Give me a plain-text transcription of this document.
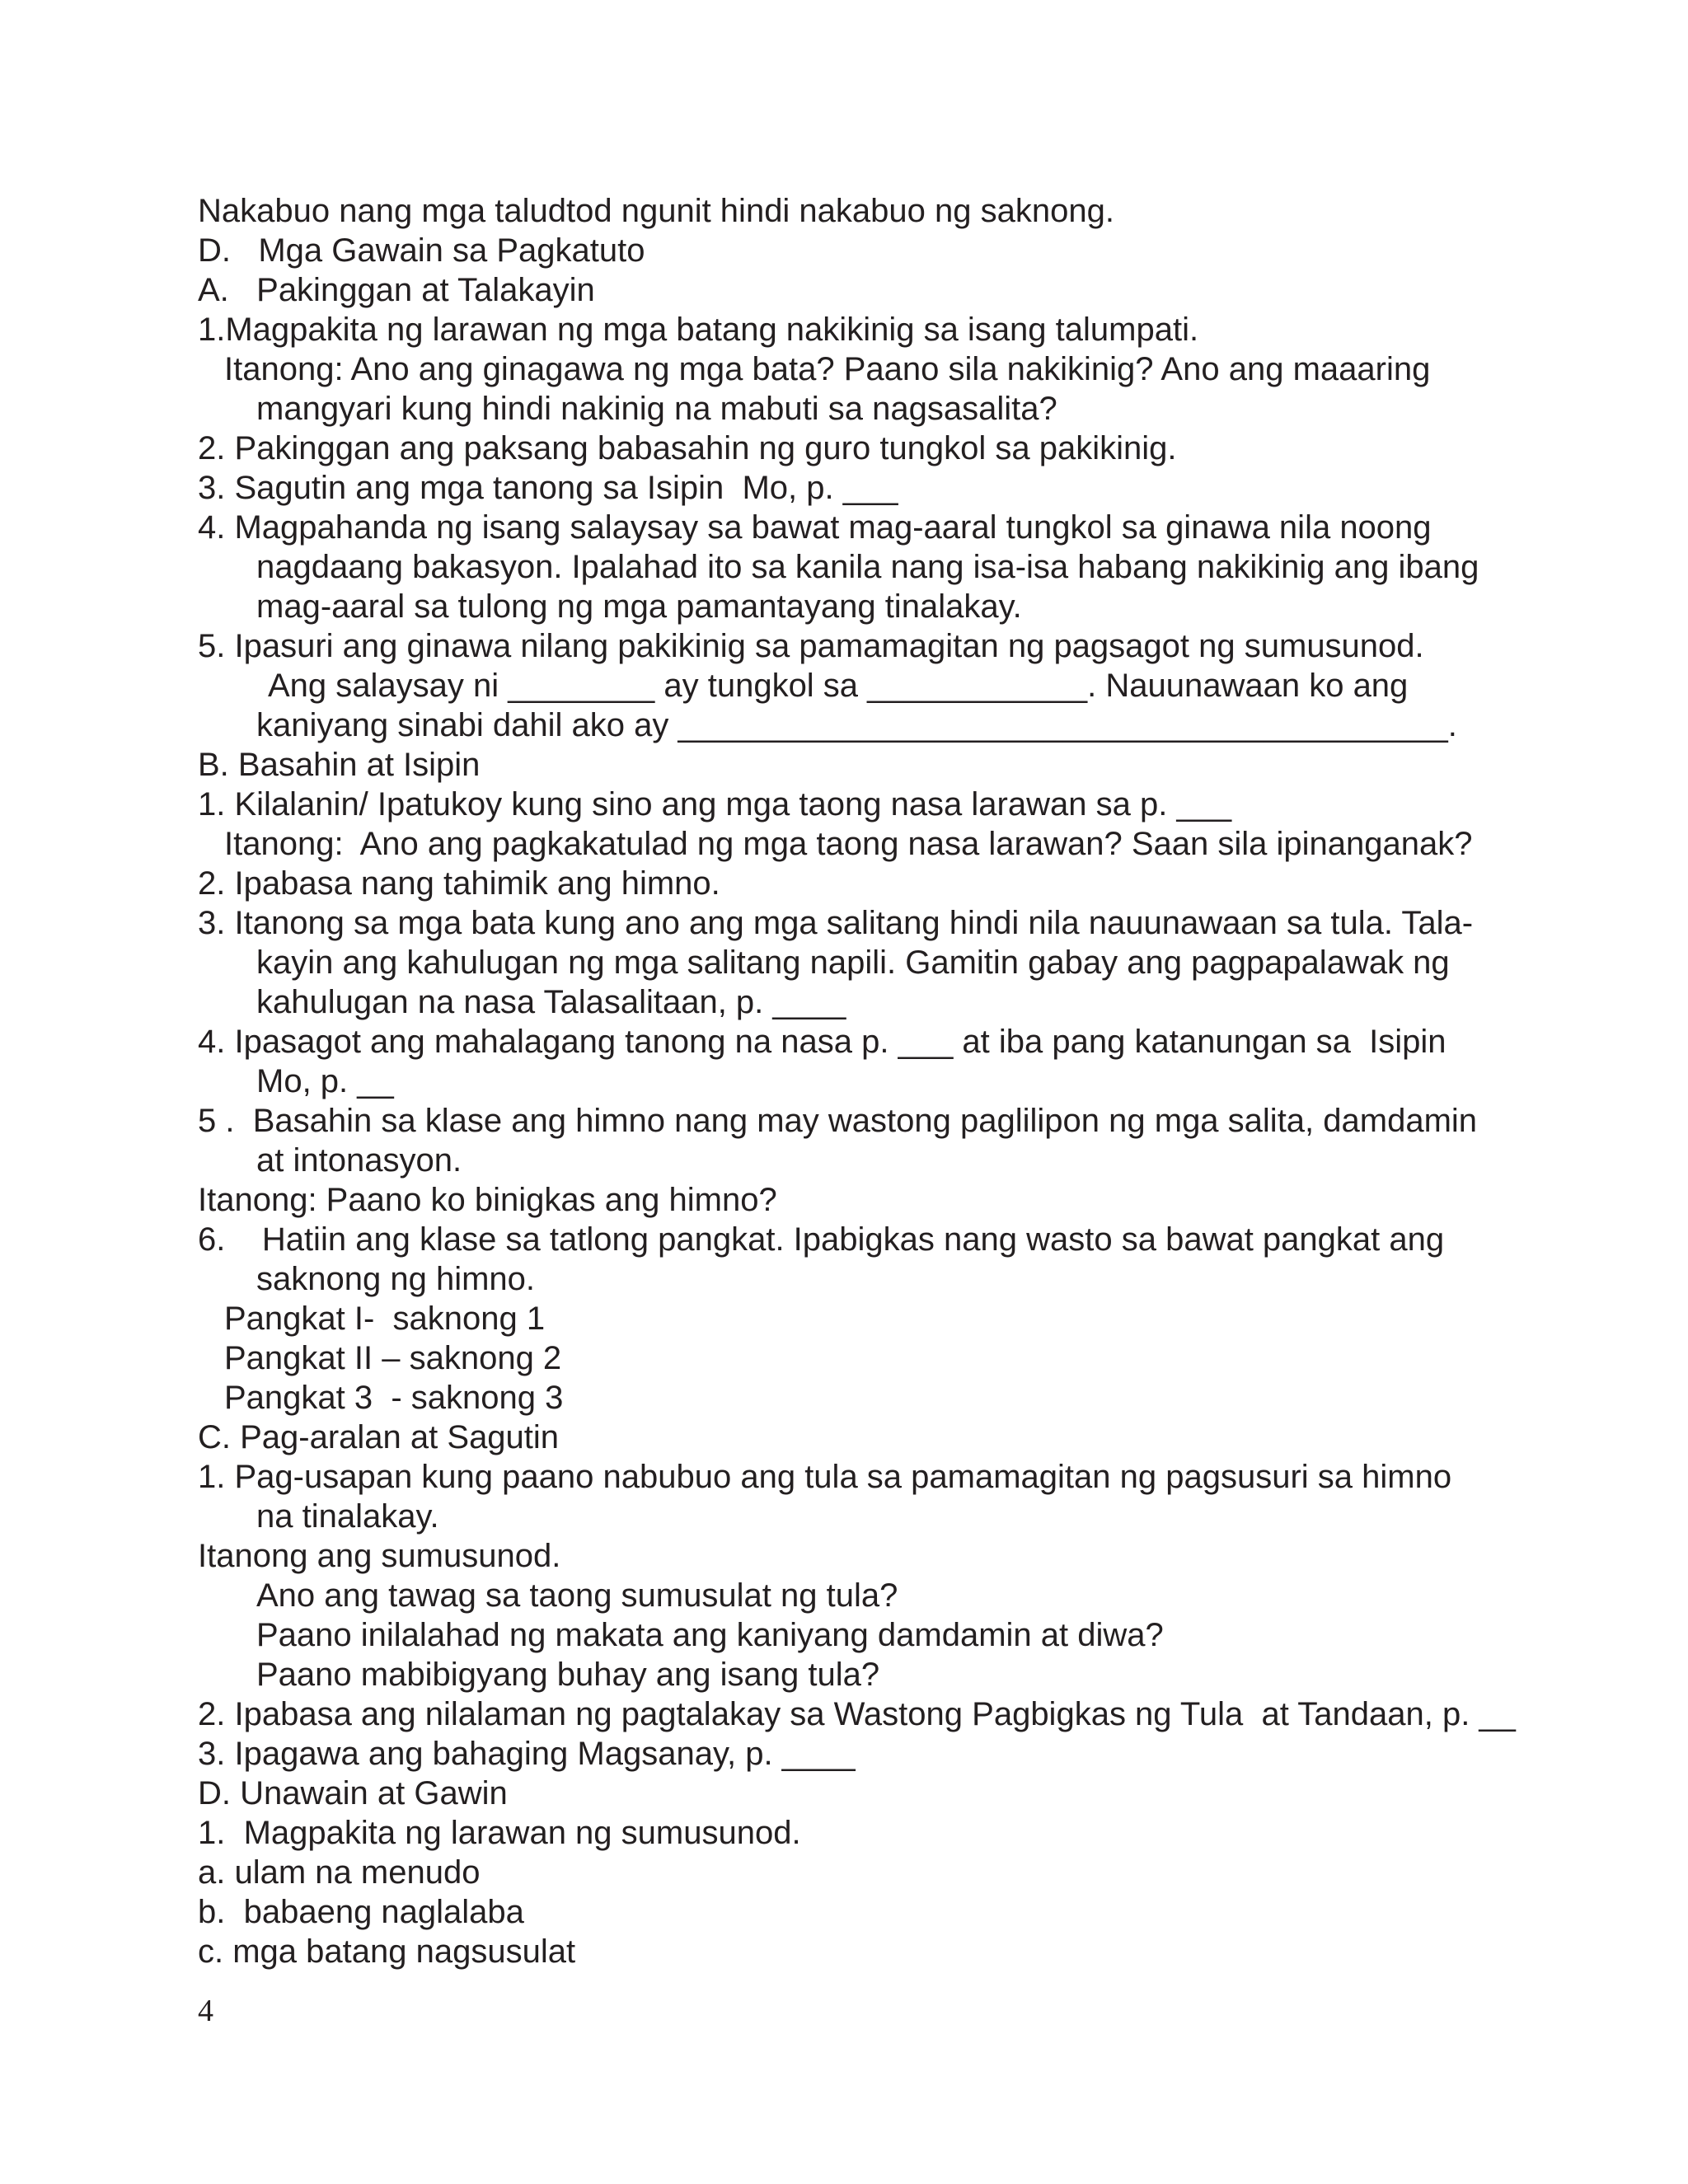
Nakabuo nang mga taludtod ngunit hindi nakabuo ng saknong.
D.   Mga Gawain sa Pagkatuto
A.   Pakinggan at Talakayin
1.Magpakita ng larawan ng mga batang nakikinig sa isang talumpati.
Itanong: Ano ang ginagawa ng mga bata? Paano sila nakikinig? Ano ang maaaring
mangyari kung hindi nakinig na mabuti sa nagsasalita?
2. Pakinggan ang paksang babasahin ng guro tungkol sa pakikinig.
3. Sagutin ang mga tanong sa Isipin  Mo, p. ___
4. Magpahanda ng isang salaysay sa bawat mag-aaral tungkol sa ginawa nila noong
nagdaang bakasyon. Ipalahad ito sa kanila nang isa-isa habang nakikinig ang ibang
mag-aaral sa tulong ng mga pamantayang tinalakay.
5. Ipasuri ang ginawa nilang pakikinig sa pamamagitan ng pagsagot ng sumusunod.
Ang salaysay ni ________ ay tungkol sa ____________. Nauunawaan ko ang
kaniyang sinabi dahil ako ay __________________________________________.
B. Basahin at Isipin
1. Kilalanin/ Ipatukoy kung sino ang mga taong nasa larawan sa p. ___
Itanong:  Ano ang pagkakatulad ng mga taong nasa larawan? Saan sila ipinanganak?
2. Ipabasa nang tahimik ang himno.
3. Itanong sa mga bata kung ano ang mga salitang hindi nila nauunawaan sa tula. Tala-
kayin ang kahulugan ng mga salitang napili. Gamitin gabay ang pagpapalawak ng
kahulugan na nasa Talasalitaan, p. ____
4. Ipasagot ang mahalagang tanong na nasa p. ___ at iba pang katanungan sa  Isipin
Mo, p. __
5 .  Basahin sa klase ang himno nang may wastong paglilipon ng mga salita, damdamin
at intonasyon.
Itanong: Paano ko binigkas ang himno?
6.    Hatiin ang klase sa tatlong pangkat. Ipabigkas nang wasto sa bawat pangkat ang
saknong ng himno.
Pangkat I-  saknong 1
Pangkat II – saknong 2
Pangkat 3  - saknong 3
C. Pag-aralan at Sagutin
1. Pag-usapan kung paano nabubuo ang tula sa pamamagitan ng pagsusuri sa himno
na tinalakay.
Itanong ang sumusunod.
Ano ang tawag sa taong sumusulat ng tula?
Paano inilalahad ng makata ang kaniyang damdamin at diwa?
Paano mabibigyang buhay ang isang tula?
2. Ipabasa ang nilalaman ng pagtalakay sa Wastong Pagbigkas ng Tula  at Tandaan, p. __
3. Ipagawa ang bahaging Magsanay, p. ____
D. Unawain at Gawin
1.  Magpakita ng larawan ng sumusunod.
a. ulam na menudo
b.  babaeng naglalaba
c. mga batang nagsusulat
4
